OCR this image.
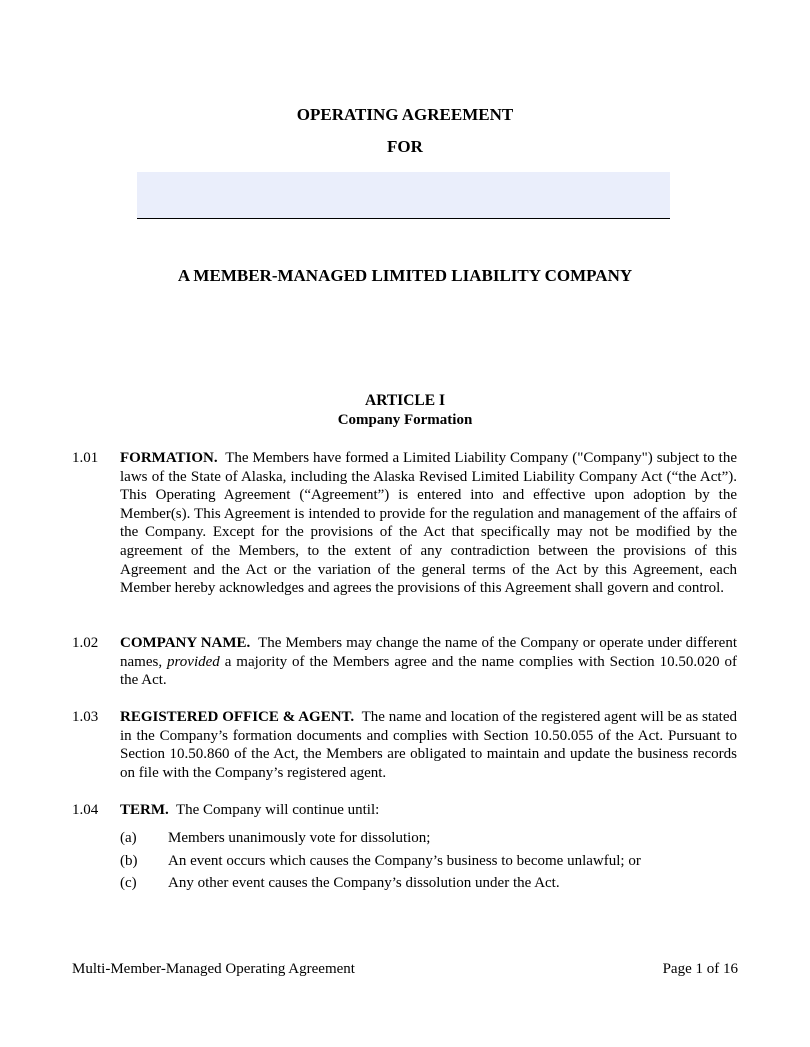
OPERATING AGREEMENT
FOR
A MEMBER-MANAGED LIMITED LIABILITY COMPANY
ARTICLE I
Company Formation
1.01 FORMATION. The Members have formed a Limited Liability Company ("Company") subject to the laws of the State of Alaska, including the Alaska Revised Limited Liability Company Act (“the Act”). This Operating Agreement (“Agreement”) is entered into and effective upon adoption by the Member(s). This Agreement is intended to provide for the regulation and management of the affairs of the Company. Except for the provisions of the Act that specifically may not be modified by the agreement of the Members, to the extent of any contradiction between the provisions of this Agreement and the Act or the variation of the general terms of the Act by this Agreement, each Member hereby acknowledges and agrees the provisions of this Agreement shall govern and control.
1.02 COMPANY NAME. The Members may change the name of the Company or operate under different names, provided a majority of the Members agree and the name complies with Section 10.50.020 of the Act.
1.03 REGISTERED OFFICE & AGENT. The name and location of the registered agent will be as stated in the Company’s formation documents and complies with Section 10.50.055 of the Act. Pursuant to Section 10.50.860 of the Act, the Members are obligated to maintain and update the business records on file with the Company’s registered agent.
1.04 TERM. The Company will continue until:
(a) Members unanimously vote for dissolution;
(b) An event occurs which causes the Company’s business to become unlawful; or
(c) Any other event causes the Company’s dissolution under the Act.
Multi-Member-Managed Operating Agreement	Page 1 of 16
